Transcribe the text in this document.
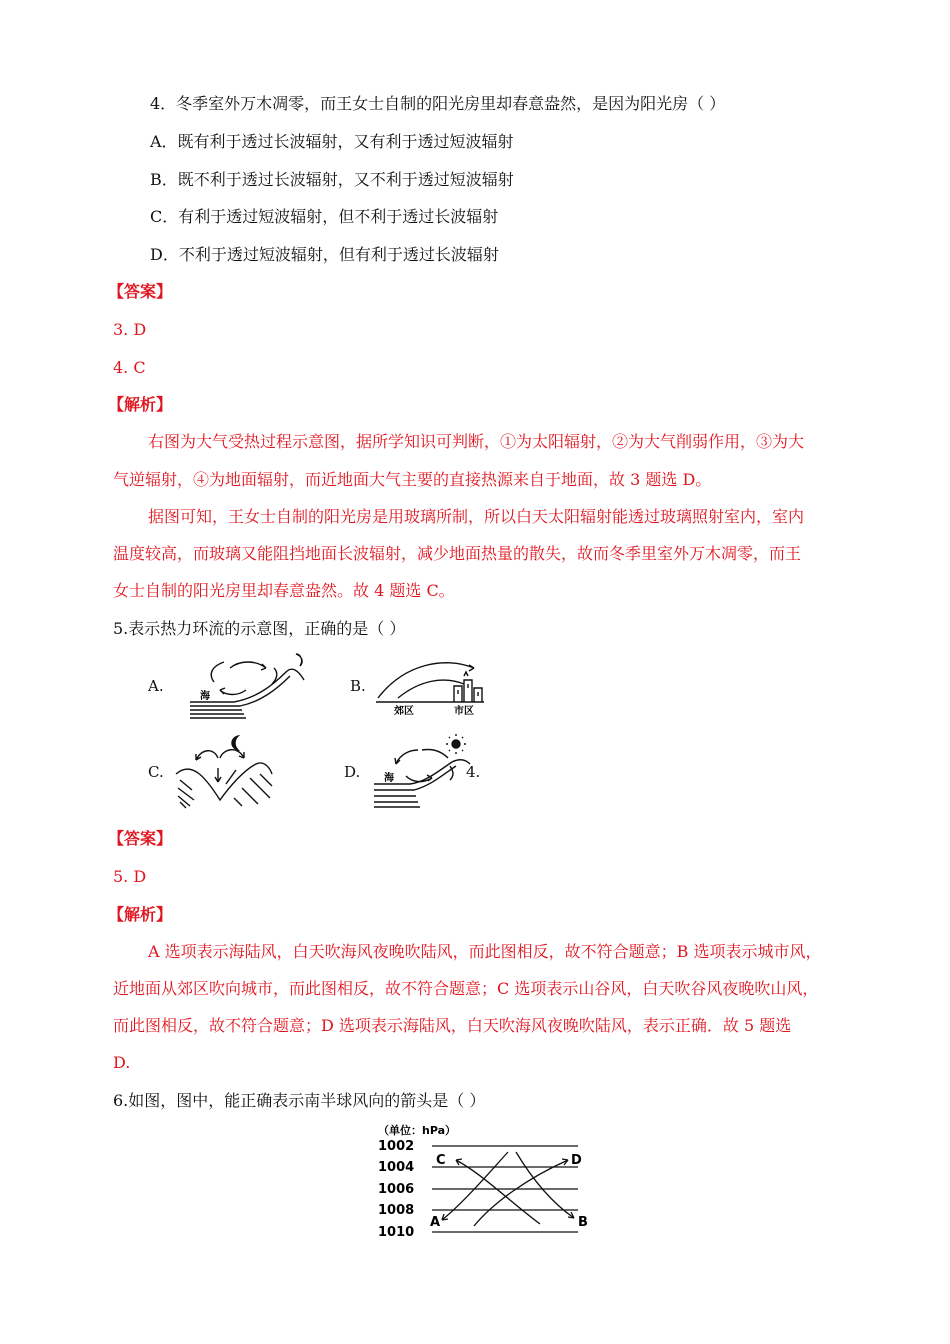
4．冬季室外万木凋零，而王女士自制的阳光房里却春意盎然，是因为阳光房（ ）
A．既有利于透过长波辐射，又有利于透过短波辐射
B．既不利于透过长波辐射，又不利于透过短波辐射
C．有利于透过短波辐射，但不利于透过长波辐射
D．不利于透过短波辐射，但有利于透过长波辐射
【答案】
3. D
4. C
【解析】
右图为大气受热过程示意图，据所学知识可判断，①为太阳辐射，②为大气削弱作用，③为大
气逆辐射，④为地面辐射，而近地面大气主要的直接热源来自于地面，故 3 题选 D。
据图可知，王女士自制的阳光房是用玻璃所制，所以白天太阳辐射能透过玻璃照射室内，室内
温度较高，而玻璃又能阻挡地面长波辐射，减少地面热量的散失，故而冬季里室外万木凋零，而王
女士自制的阳光房里却春意盎然。故 4 题选 C。
5.表示热力环流的示意图，正确的是（ ）
A.
海
B.
郊区	市区
C.	D. 海	4.
【答案】
5. D
【解析】
A 选项表示海陆风，白天吹海风夜晚吹陆风，而此图相反，故不符合题意；B 选项表示城市风，
近地面从郊区吹向城市，而此图相反，故不符合题意；C 选项表示山谷风，白天吹谷风夜晚吹山风，
而此图相反，故不符合题意；D 选项表示海陆风，白天吹海风夜晚吹陆风，表示正确．故 5 题选
D.
6.如图，图中，能正确表示南半球风向的箭头是（ ）
（单位：hPa）
1002
1004
1006
1008
1010
A	B
C	D
